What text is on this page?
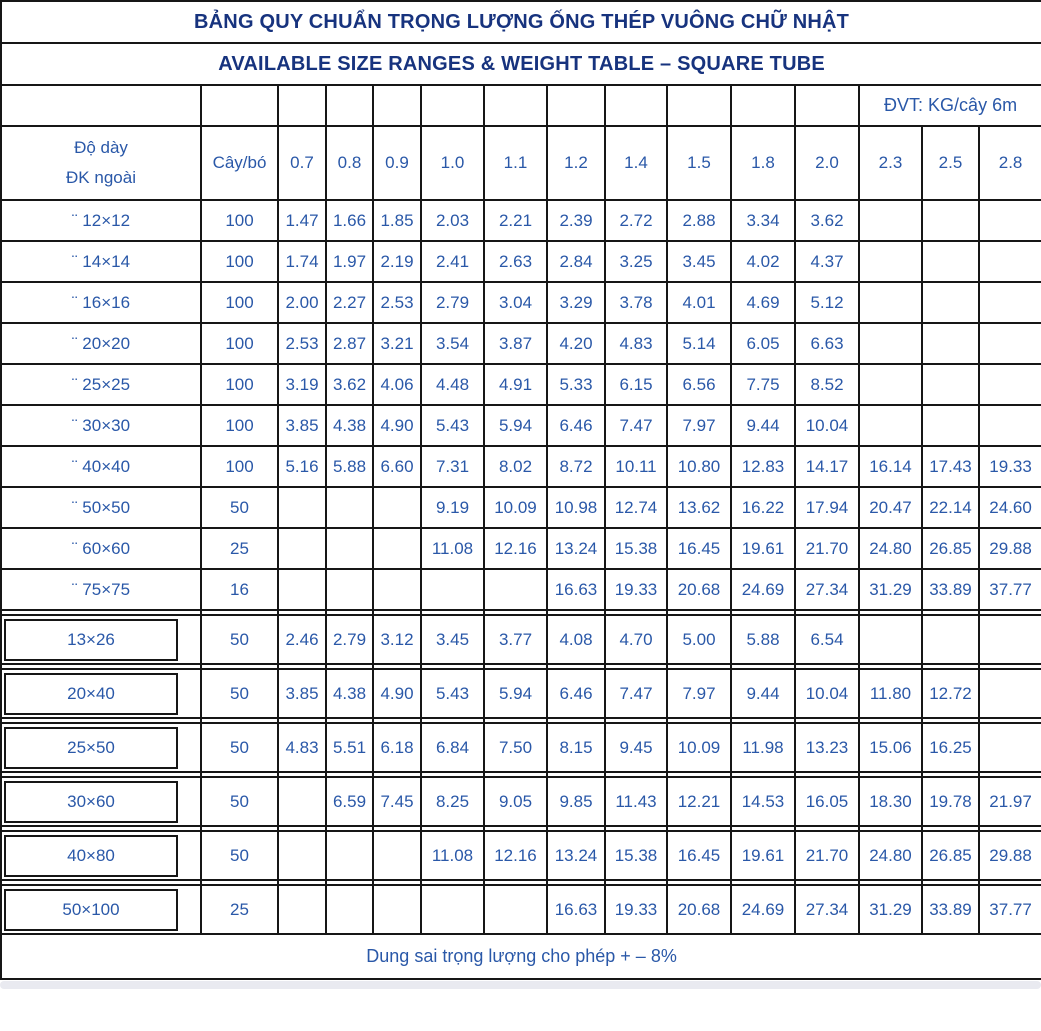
BẢNG QUY CHUẨN TRỌNG LƯỢNG ỐNG THÉP VUÔNG CHỮ NHẬT														
AVAILABLE SIZE RANGES & WEIGHT TABLE – SQUARE TUBE														
												ĐVT: KG/cây 6m		

Độ dày
ĐK ngoài	Cây/bó	0.7	0.8	0.9	1.0	1.1	1.2	1.4	1.5	1.8	2.0	2.3	2.5	2.8
¨ 12×12	100	1.47	1.66	1.85	2.03	2.21	2.39	2.72	2.88	3.34	3.62			
¨ 14×14	100	1.74	1.97	2.19	2.41	2.63	2.84	3.25	3.45	4.02	4.37			
¨ 16×16	100	2.00	2.27	2.53	2.79	3.04	3.29	3.78	4.01	4.69	5.12			
¨ 20×20	100	2.53	2.87	3.21	3.54	3.87	4.20	4.83	5.14	6.05	6.63			
¨ 25×25	100	3.19	3.62	4.06	4.48	4.91	5.33	6.15	6.56	7.75	8.52			
¨ 30×30	100	3.85	4.38	4.90	5.43	5.94	6.46	7.47	7.97	9.44	10.04			
¨ 40×40	100	5.16	5.88	6.60	7.31	8.02	8.72	10.11	10.80	12.83	14.17	16.14	17.43	19.33
¨ 50×50	50				9.19	10.09	10.98	12.74	13.62	16.22	17.94	20.47	22.14	24.60
¨ 60×60	25				11.08	12.16	13.24	15.38	16.45	19.61	21.70	24.80	26.85	29.88
¨ 75×75	16						16.63	19.33	20.68	24.69	27.34	31.29	33.89	37.77

13×26	50	2.46	2.79	3.12	3.45	3.77	4.08	4.70	5.00	5.88	6.54			

20×40	50	3.85	4.38	4.90	5.43	5.94	6.46	7.47	7.97	9.44	10.04	11.80	12.72	

25×50	50	4.83	5.51	6.18	6.84	7.50	8.15	9.45	10.09	11.98	13.23	15.06	16.25	

30×60	50		6.59	7.45	8.25	9.05	9.85	11.43	12.21	14.53	16.05	18.30	19.78	21.97

40×80	50				11.08	12.16	13.24	15.38	16.45	19.61	21.70	24.80	26.85	29.88

50×100	25						16.63	19.33	20.68	24.69	27.34	31.29	33.89	37.77
Dung sai trọng lượng cho phép + – 8%														
